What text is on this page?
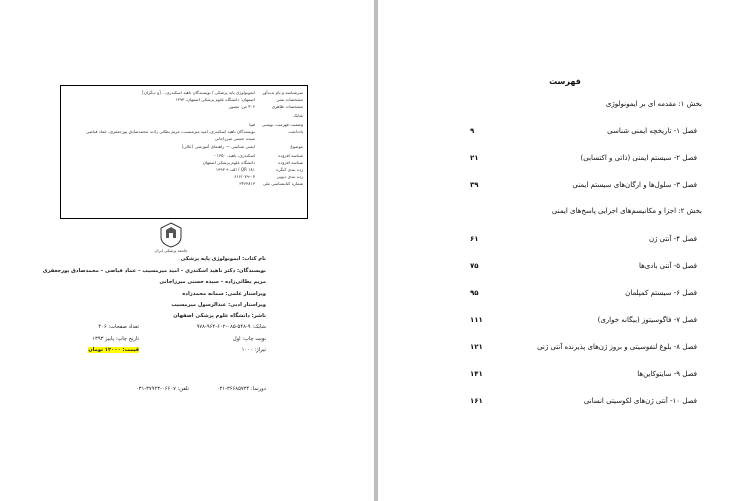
سرشناسه و نام پدیدآور
ایمونولوژی پایه پزشکی / نویسندگان ناهید اسکندری... [و دیگران]
مشخصات نشر
اصفهان: دانشگاه علوم پزشکی اصفهان، ۱۳۹۳
مشخصات ظاهری
۴۰۶ ص: مصور
شابک
وضعیت فهرست نویسی
فیپا
یادداشت
نویسندگان ناهید اسکندری، امید میرمسیب، مریم بطائی زاده، محمدصادق پورجعفری، عماد فیاضی
سیده حسنی میرزاجانی
موضوع
ایمنی شناسی — راهنمای آموزشی (عالی)
شناسه افزوده
اسکندری، ناهید، ۱۳۵۰ -
شناسه افزوده
دانشگاه علوم پزشکی اصفهان
رده بندی کنگره
QR ۱۸۱ / الف ۹ ۱۳۹۳
رده بندی دیویی
۶۱۶/۰۷۹-۰۷
شماره کتابشناسی ملی
۳۴۶۳۸۱۳
جامعه پزشکی ایران
نام کتاب: ایمونولوژی پایه پزشکی
نویسندگان: دکتر ناهید اسکندری – امید میرمسیب – عماد فیاضی – محمدصادق پورجعفری
مریم بطائی‌زاده – سیده حسنی میرزاجانی
ویراستار علمی: سمانه محمدزاده
ویراستار ادبی: عبدالرسول میرمسیب
ناشر: دانشگاه علوم پزشکی اصفهان
شابک: ۹-۵۴۸-۰۸۵-۶۰۲-۹۶۴-۹۷۸
تعداد صفحات: ۴۰۶
نوبت چاپ: اول
تاریخ چاپ: پاییز ۱۳۹۳
تیراژ: ۱۰۰۰
قیمت: ۱۲۰۰۰ تومان
دورنما: ۳۶۶۸۵۷۳۴-۰۳۱
تلفن: ۰۶۶۰۷-۳۷۹۲۳-۰۳۱
فهرست
بخش ۱: مقدمه ای بر ایمونولوژی
فصل ۱- تاریخچه ایمنی شناسی
۹
فصل ۲- سیستم ایمنی (ذاتی و اکتسابی)
۲۱
فصل ۳- سلول‌ها و ارگان‌های سیستم ایمنی
۳۹
بخش ۲: اجزا و مکانیسم‌های اجرایی پاسخ‌های ایمنی
فصل ۴- آنتی ژن
۶۱
فصل ۵- آنتی بادی‌ها
۷۵
فصل ۶- سیستم کمپلمان
۹۵
فصل ۷- فاگوسیتوز (بیگانه خواری)
۱۱۱
فصل ۸- بلوغ لنفوسیتی و بروز ژن‌های پذیرنده آنتی ژنی
۱۲۱
فصل ۹- سایتوکاین‌ها
۱۴۱
فصل ۱۰- آنتی ژن‌های لکوسیتی انسانی
۱۶۱
